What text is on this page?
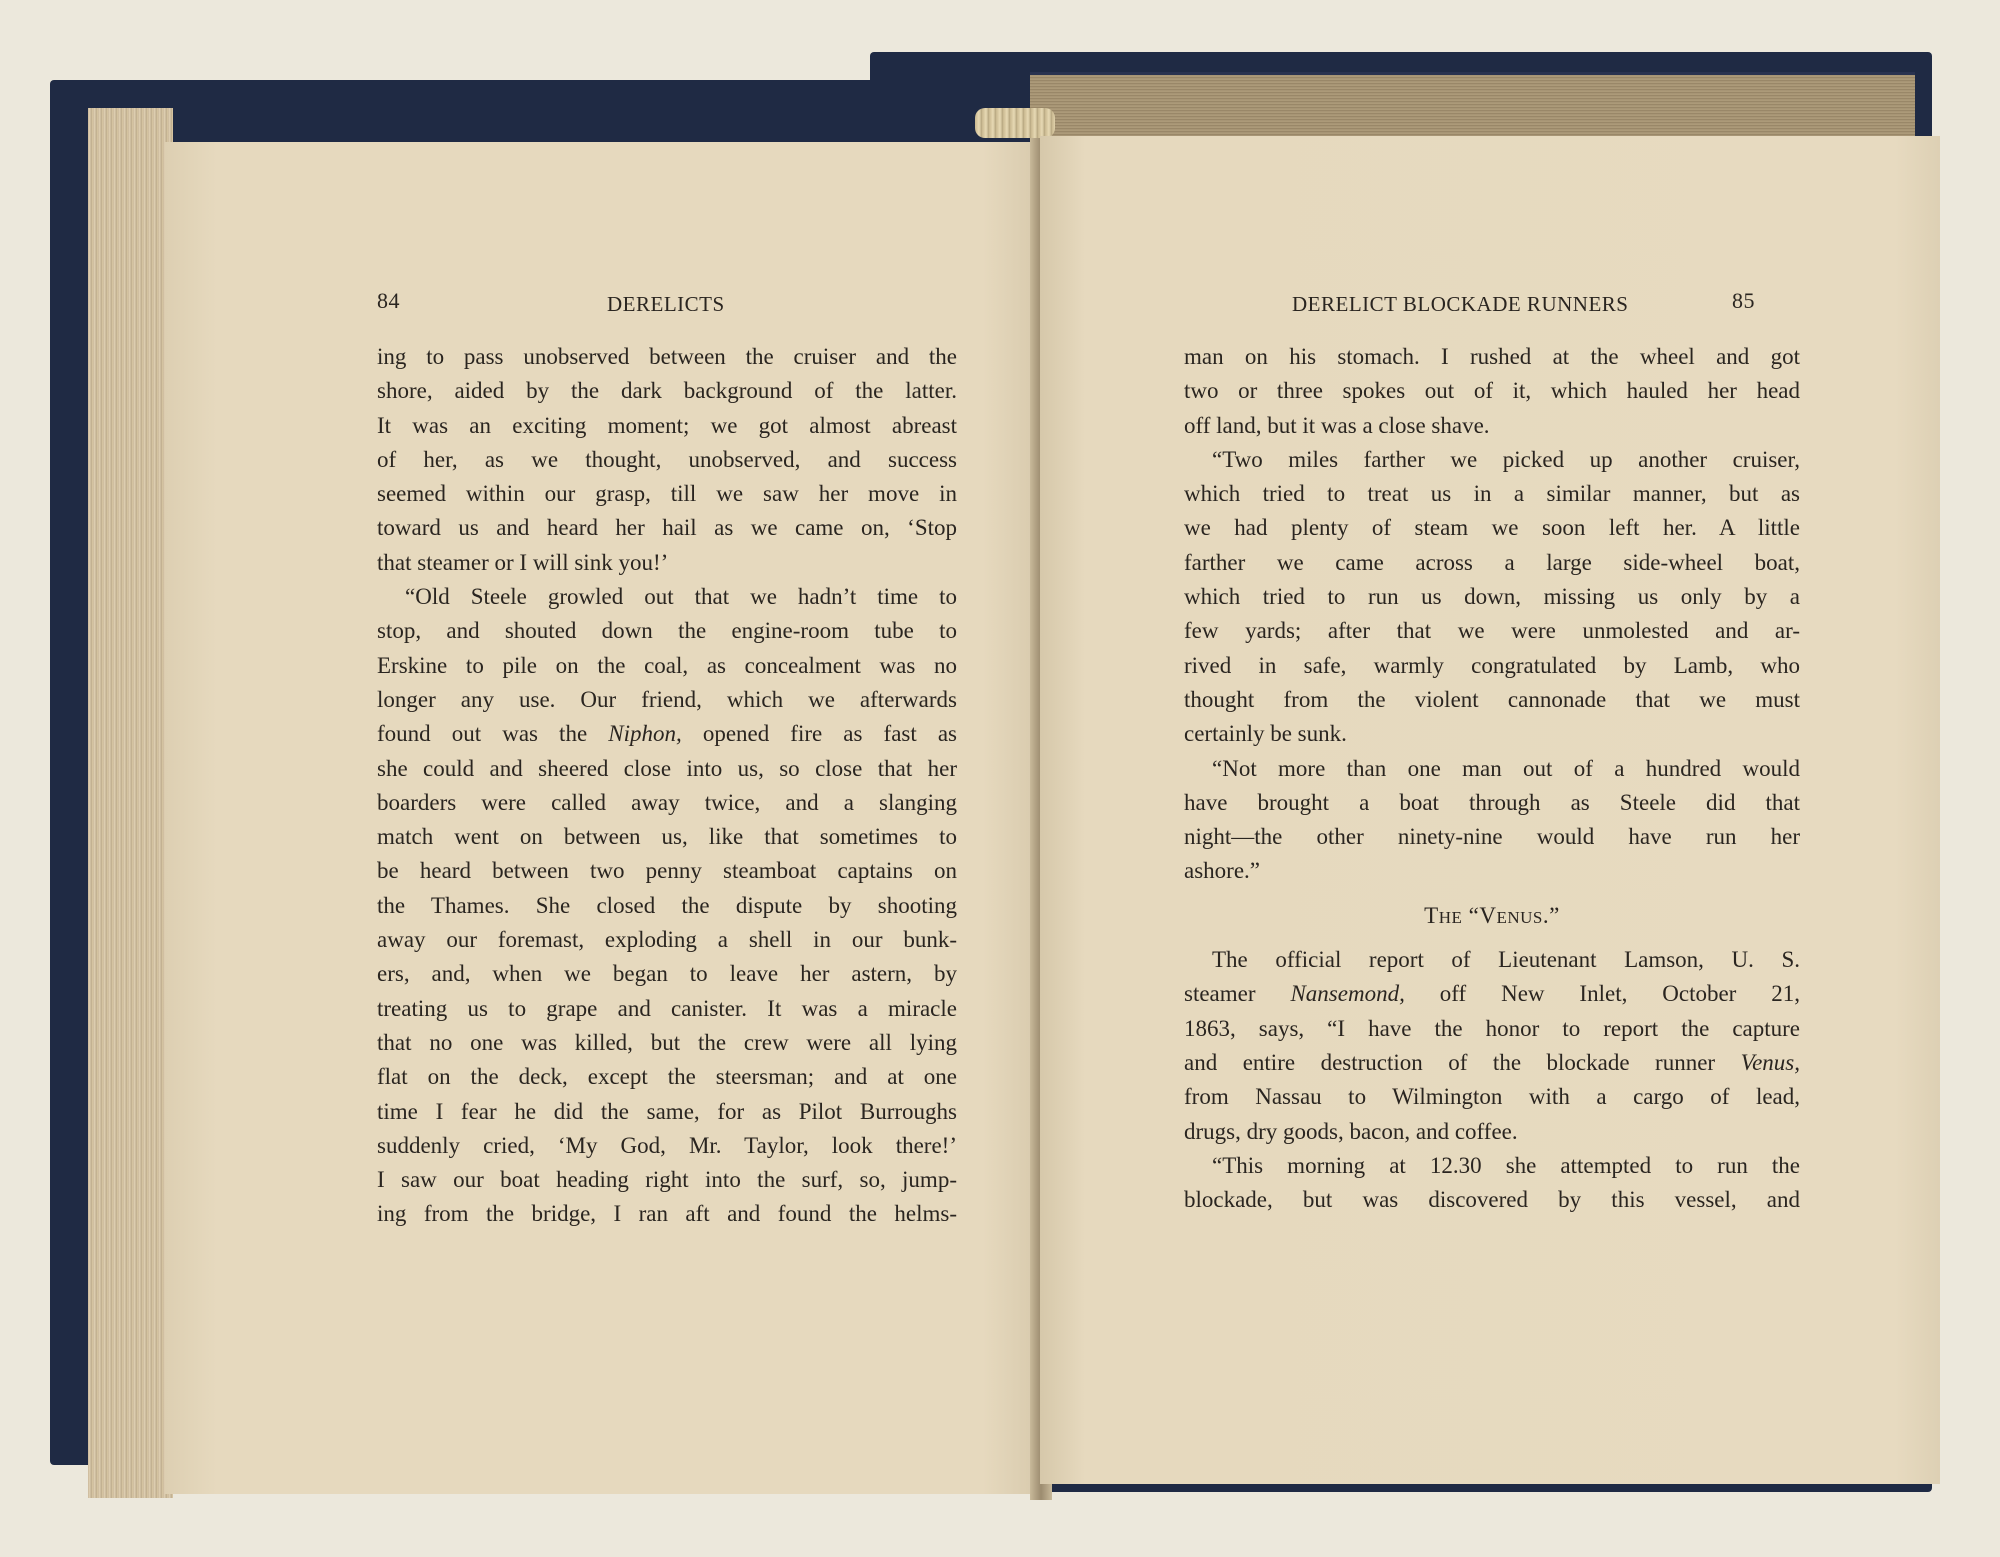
84	DERELICTS
ing to pass unobserved between the cruiser and the
shore, aided by the dark background of the latter.
It was an exciting moment; we got almost abreast
of her, as we thought, unobserved, and success
seemed within our grasp, till we saw her move in
toward us and heard her hail as we came on, ‘Stop
that steamer or I will sink you!’
“Old Steele growled out that we hadn’t time to
stop, and shouted down the engine-room tube to
Erskine to pile on the coal, as concealment was no
longer any use. Our friend, which we afterwards
found out was the Niphon, opened fire as fast as
she could and sheered close into us, so close that her
boarders were called away twice, and a slanging
match went on between us, like that sometimes to
be heard between two penny steamboat captains on
the Thames. She closed the dispute by shooting
away our foremast, exploding a shell in our bunk-
ers, and, when we began to leave her astern, by
treating us to grape and canister. It was a miracle
that no one was killed, but the crew were all lying
flat on the deck, except the steersman; and at one
time I fear he did the same, for as Pilot Burroughs
suddenly cried, ‘My God, Mr. Taylor, look there!’
I saw our boat heading right into the surf, so, jump-
ing from the bridge, I ran aft and found the helms-
DERELICT BLOCKADE RUNNERS	85
man on his stomach. I rushed at the wheel and got
two or three spokes out of it, which hauled her head
off land, but it was a close shave.
“Two miles farther we picked up another cruiser,
which tried to treat us in a similar manner, but as
we had plenty of steam we soon left her. A little
farther we came across a large side-wheel boat,
which tried to run us down, missing us only by a
few yards; after that we were unmolested and ar-
rived in safe, warmly congratulated by Lamb, who
thought from the violent cannonade that we must
certainly be sunk.
“Not more than one man out of a hundred would
have brought a boat through as Steele did that
night—the other ninety-nine would have run her
ashore.”
THE “VENUS.”
The official report of Lieutenant Lamson, U. S.
steamer Nansemond, off New Inlet, October 21,
1863, says, “I have the honor to report the capture
and entire destruction of the blockade runner Venus,
from Nassau to Wilmington with a cargo of lead,
drugs, dry goods, bacon, and coffee.
“This morning at 12.30 she attempted to run the
blockade, but was discovered by this vessel, and
